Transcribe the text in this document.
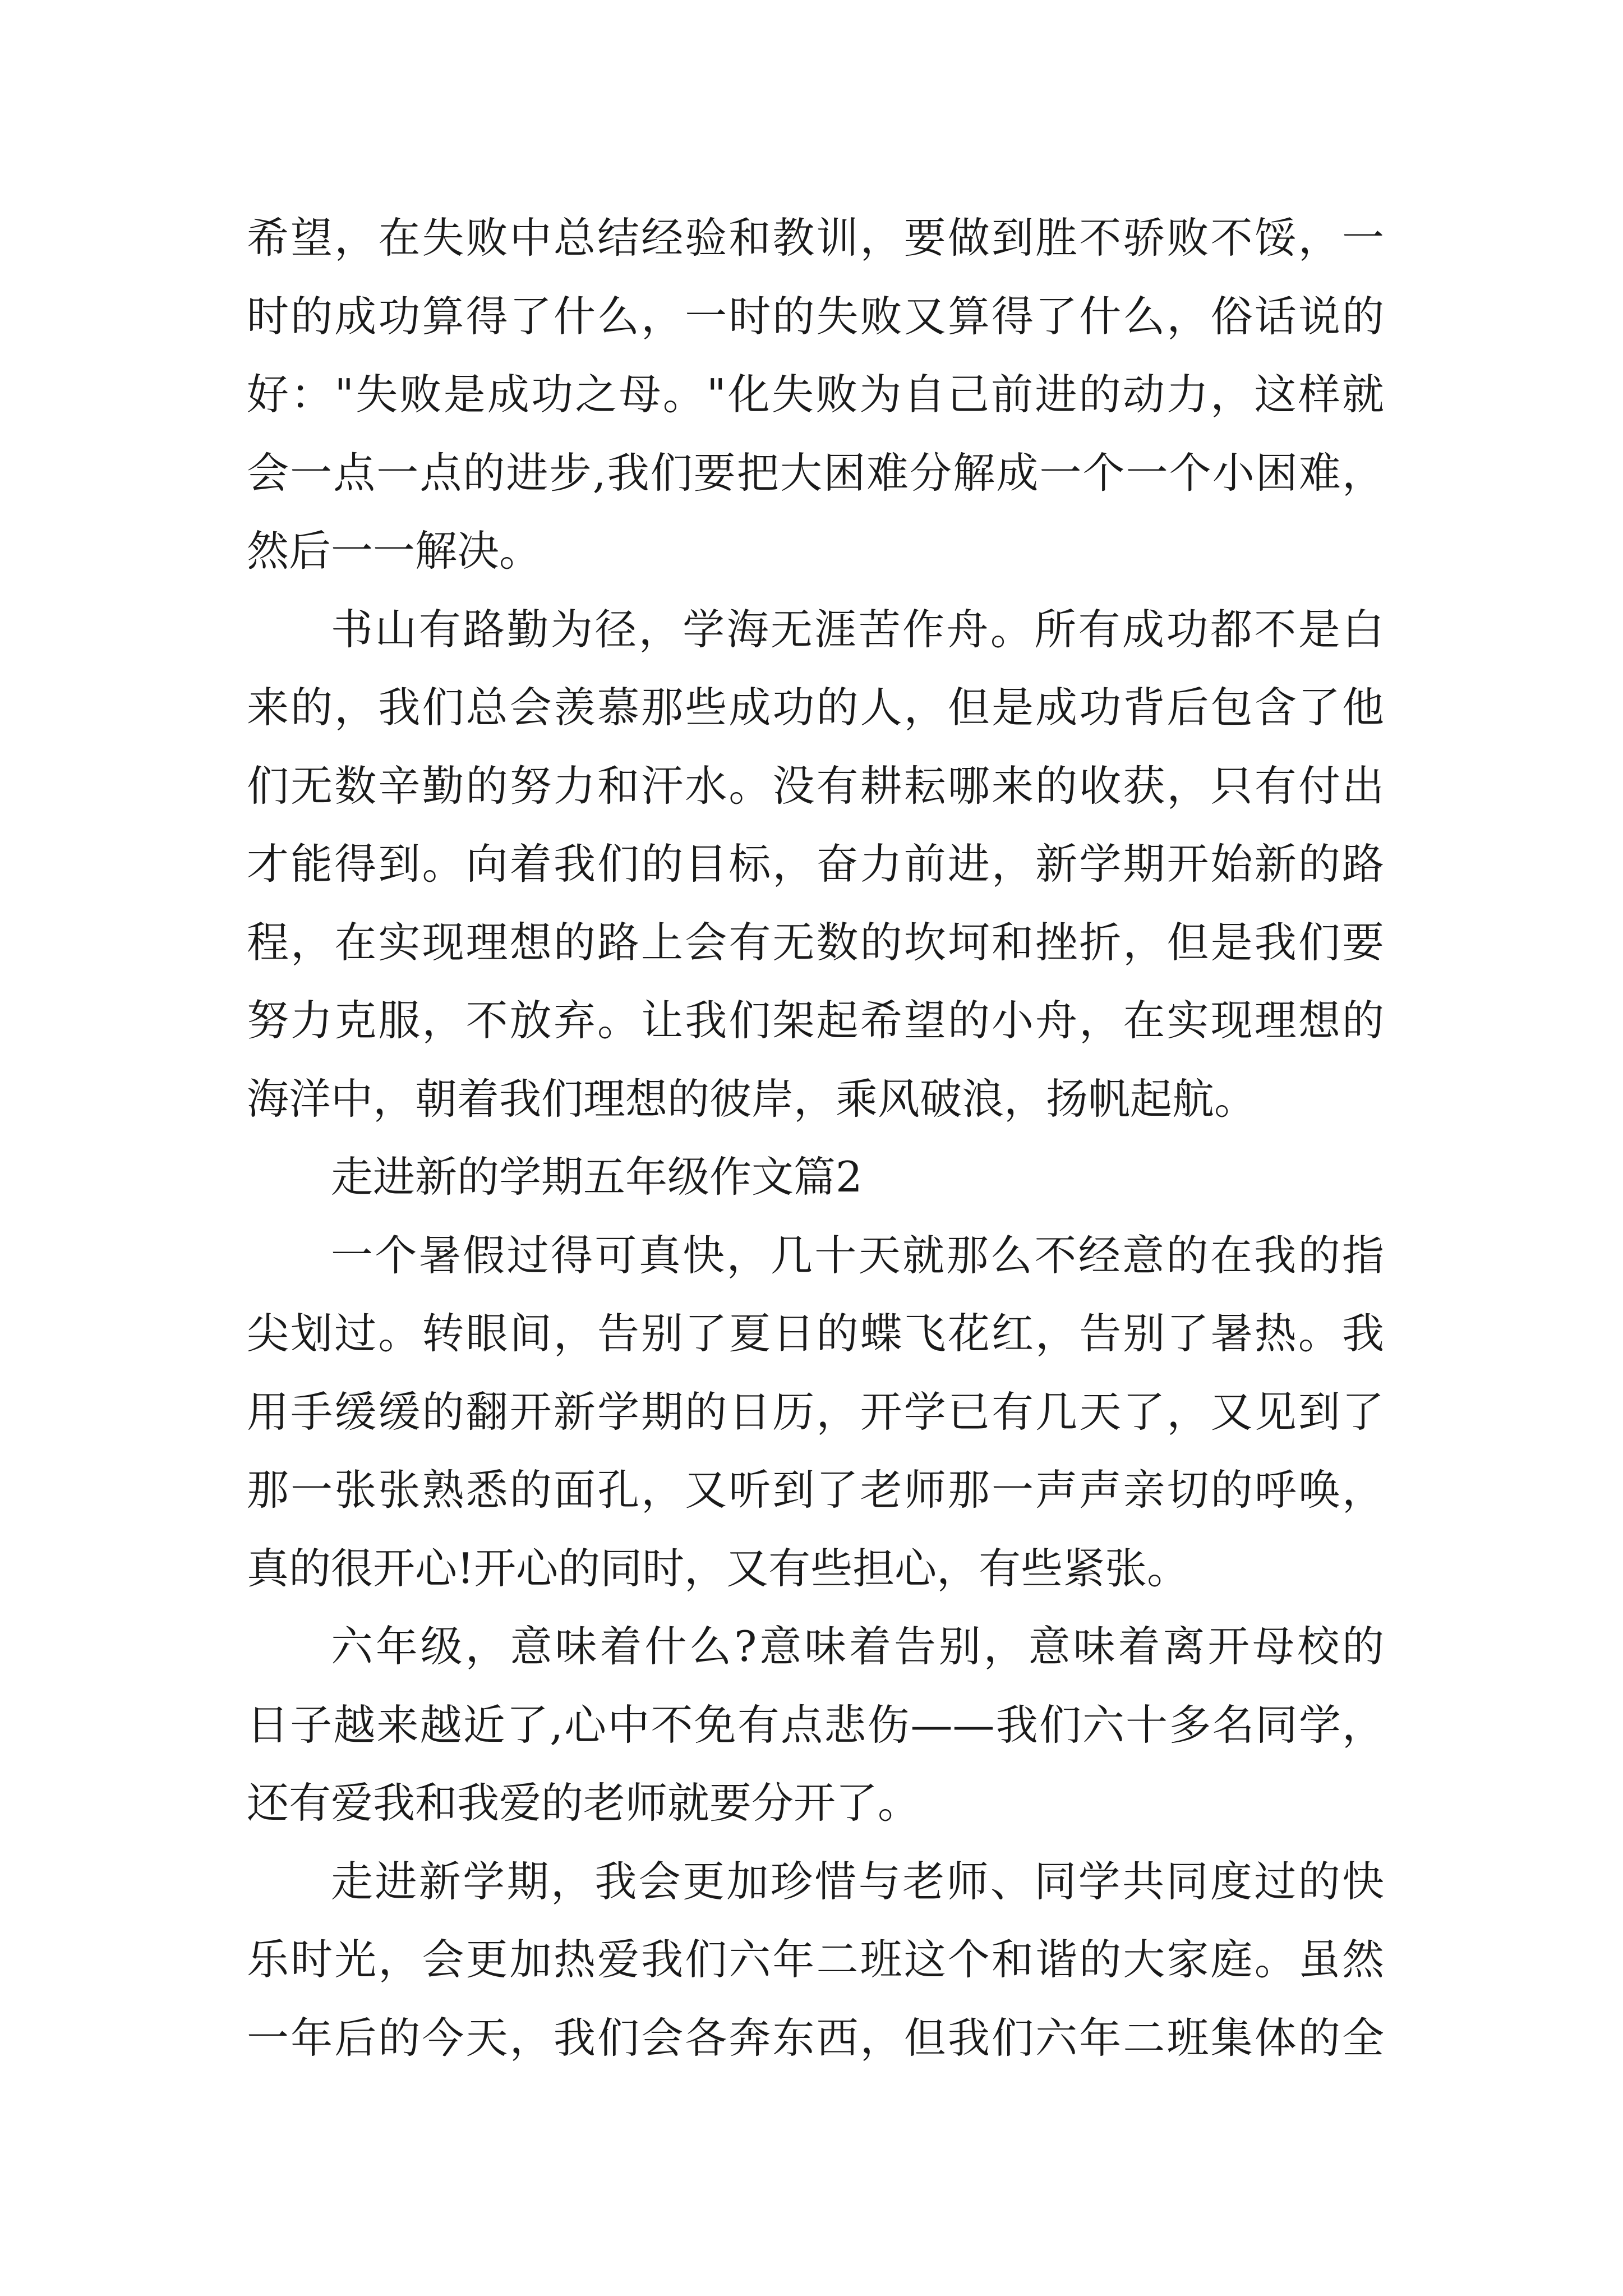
希望，在失败中总结经验和教训，要做到胜不骄败不馁，一
时的成功算得了什么，一时的失败又算得了什么，俗话说的
好："失败是成功之母。"化失败为自己前进的动力，这样就
会一点一点的进步,我们要把大困难分解成一个一个小困难，
然后一一解决。
书山有路勤为径，学海无涯苦作舟。所有成功都不是白
来的，我们总会羡慕那些成功的人，但是成功背后包含了他
们无数辛勤的努力和汗水。没有耕耘哪来的收获，只有付出
才能得到。向着我们的目标，奋力前进，新学期开始新的路
程，在实现理想的路上会有无数的坎坷和挫折，但是我们要
努力克服，不放弃。让我们架起希望的小舟，在实现理想的
海洋中，朝着我们理想的彼岸，乘风破浪，扬帆起航。
走进新的学期五年级作文篇2
一个暑假过得可真快，几十天就那么不经意的在我的指
尖划过。转眼间，告别了夏日的蝶飞花红，告别了暑热。我
用手缓缓的翻开新学期的日历，开学已有几天了，又见到了
那一张张熟悉的面孔，又听到了老师那一声声亲切的呼唤，
真的很开心!开心的同时，又有些担心，有些紧张。
六年级，意味着什么?意味着告别，意味着离开母校的
日子越来越近了,心中不免有点悲伤——我们六十多名同学，
还有爱我和我爱的老师就要分开了。
走进新学期，我会更加珍惜与老师、同学共同度过的快
乐时光，会更加热爱我们六年二班这个和谐的大家庭。虽然
一年后的今天，我们会各奔东西，但我们六年二班集体的全
